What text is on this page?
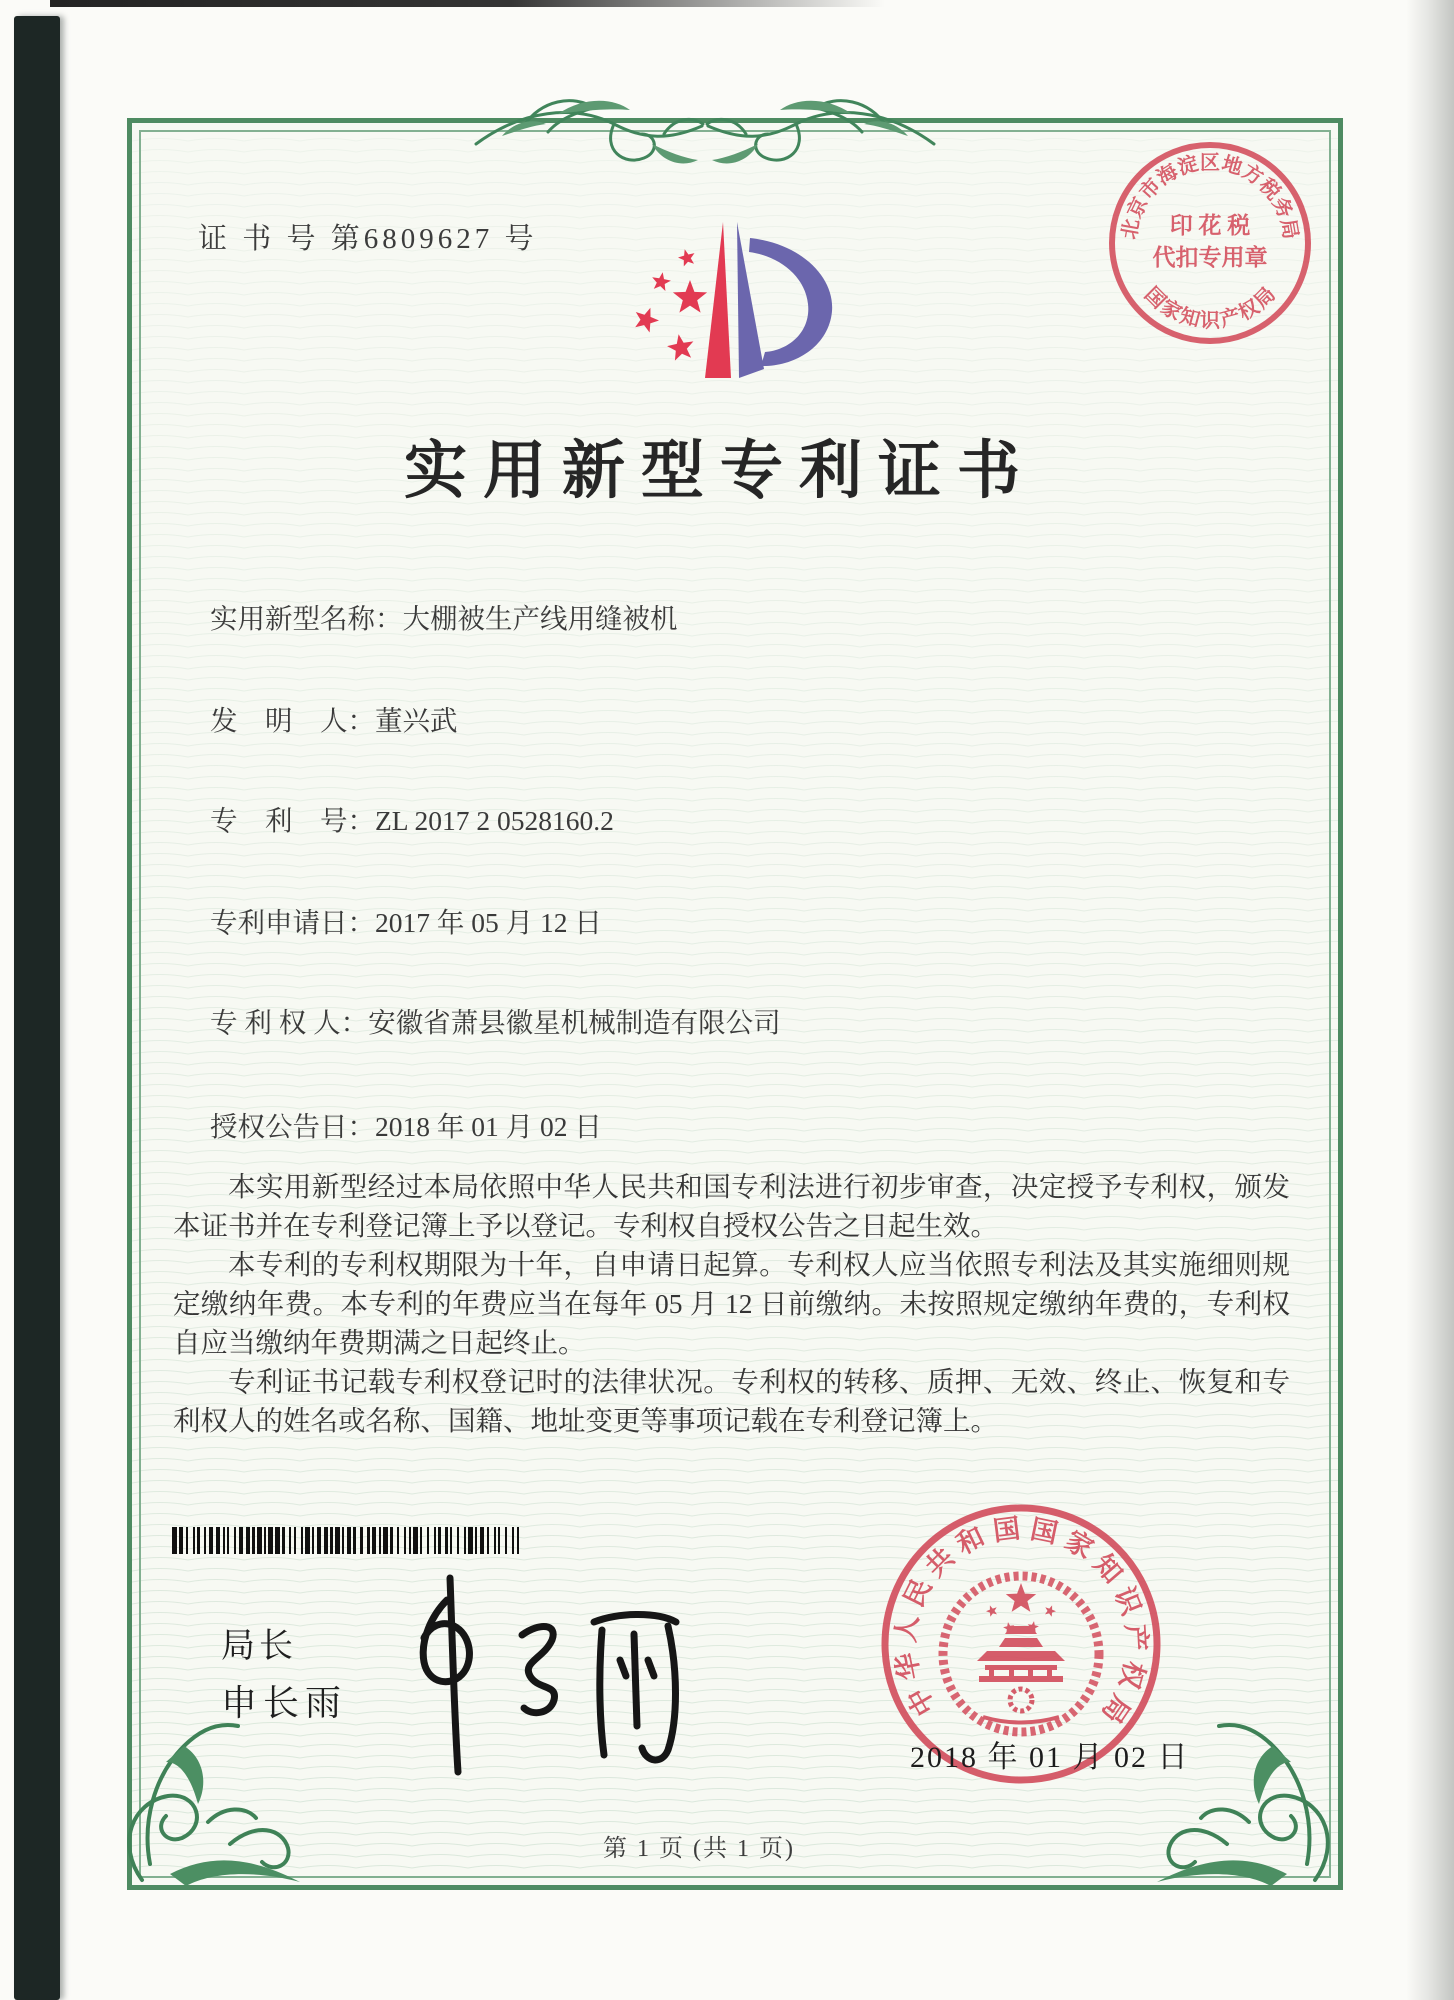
证 书 号 第6809627 号	北
京
市
海
淀 区 地
方
税
务
局
国
家
知
识
产
权
局
印 花 税
代扣专用章
实用新型专利证书
实用新型名称：大棚被生产线用缝被机
发　明　人：董兴武
专　利　号：ZL 2017 2 0528160.2
专利申请日：2017 年 05 月 12 日
专 利 权 人：安徽省萧县徽星机械制造有限公司
授权公告日：2018 年 01 月 02 日

本实用新型经过本局依照中华人民共和国专利法进行初步审查，决定授予专利权，颁发本证书并在专利登记簿上予以登记。专利权自授权公告之日起生效。

本专利的专利权期限为十年，自申请日起算。专利权人应当依照专利法及其实施细则规定缴纳年费。本专利的年费应当在每年 05 月 12 日前缴纳。未按照规定缴纳年费的，专利权自应当缴纳年费期满之日起终止。

专利证书记载专利权登记时的法律状况。专利权的转移、质押、无效、终止、恢复和专利权人的姓名或名称、国籍、地址变更等事项记载在专利登记簿上。

局长
申长雨	中
华
人
民
共
和 国 国 家
知
识
产
权
局
2018 年 01 月 02 日
第 1 页 (共 1 页)
